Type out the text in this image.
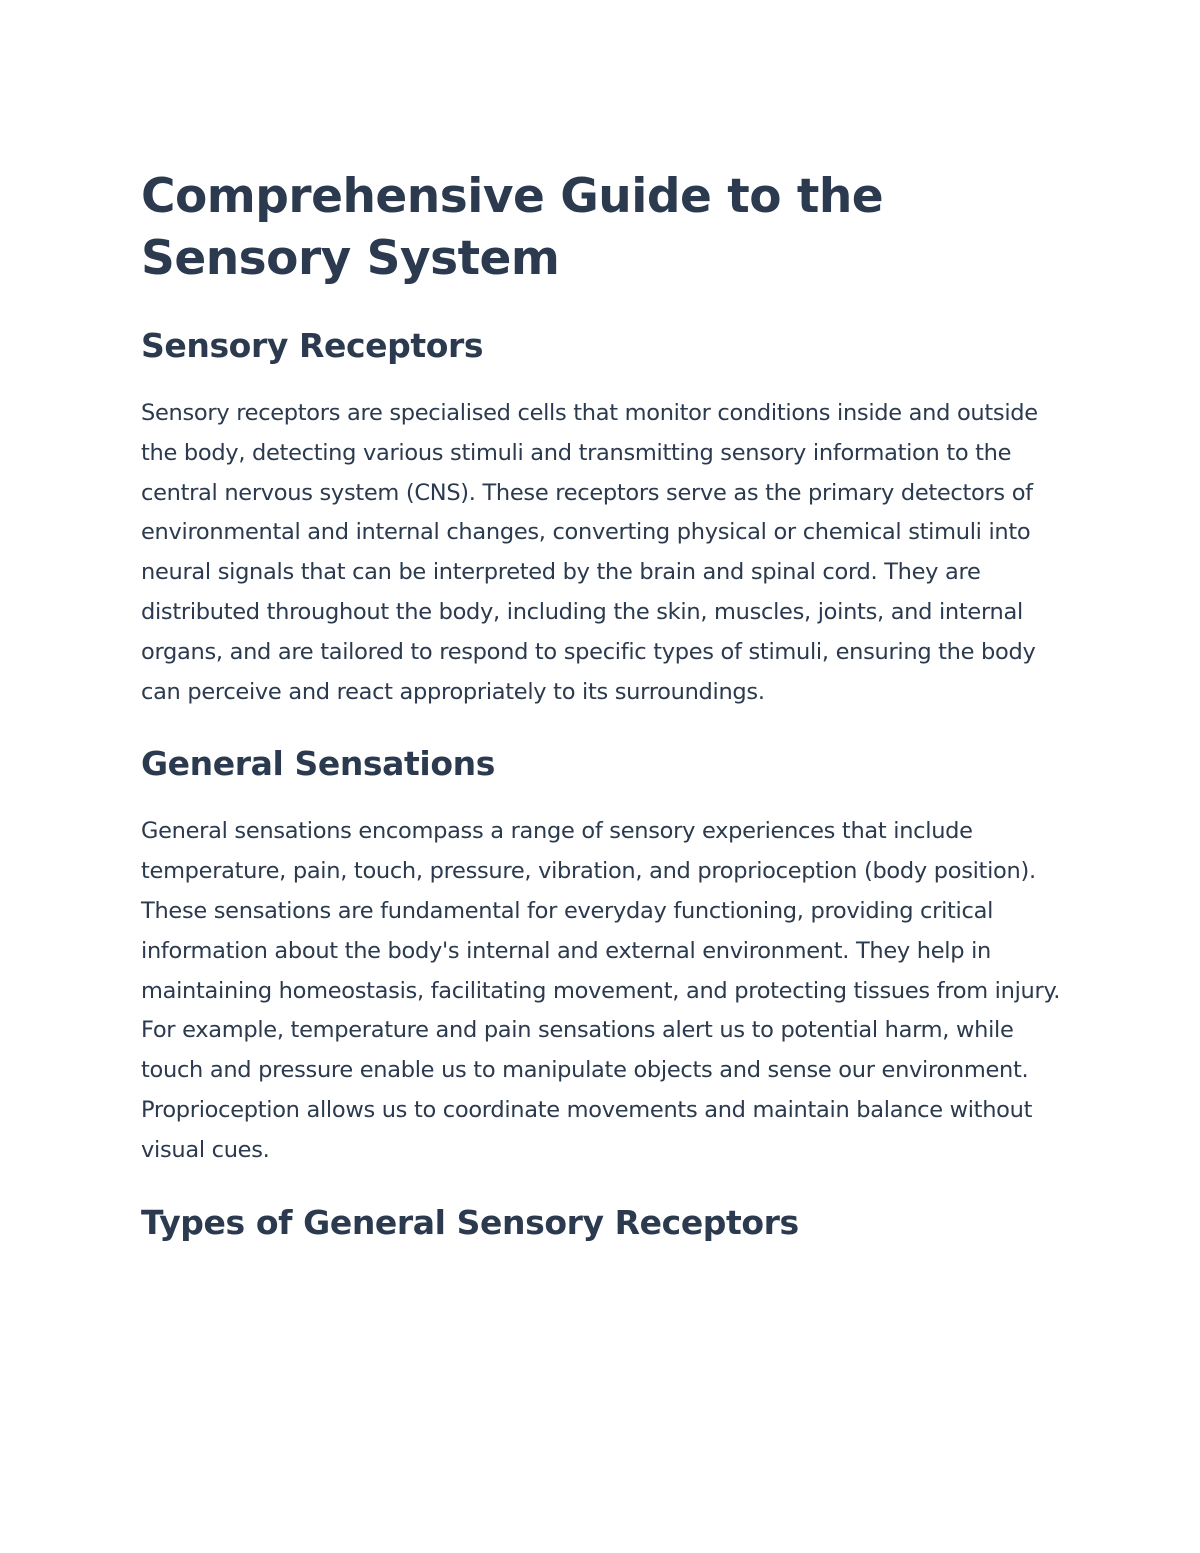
Comprehensive Guide to the Sensory System
Sensory Receptors

Sensory receptors are specialised cells that monitor conditions inside and outside the body, detecting various stimuli and transmitting sensory information to the central nervous system (CNS). These receptors serve as the primary detectors of environmental and internal changes, converting physical or chemical stimuli into neural signals that can be interpreted by the brain and spinal cord. They are distributed throughout the body, including the skin, muscles, joints, and internal organs, and are tailored to respond to specific types of stimuli, ensuring the body can perceive and react appropriately to its surroundings.

General Sensations

General sensations encompass a range of sensory experiences that include temperature, pain, touch, pressure, vibration, and proprioception (body position). These sensations are fundamental for everyday functioning, providing critical information about the body's internal and external environment. They help in maintaining homeostasis, facilitating movement, and protecting tissues from injury. For example, temperature and pain sensations alert us to potential harm, while touch and pressure enable us to manipulate objects and sense our environment. Proprioception allows us to coordinate movements and maintain balance without visual cues.

Types of General Sensory Receptors
